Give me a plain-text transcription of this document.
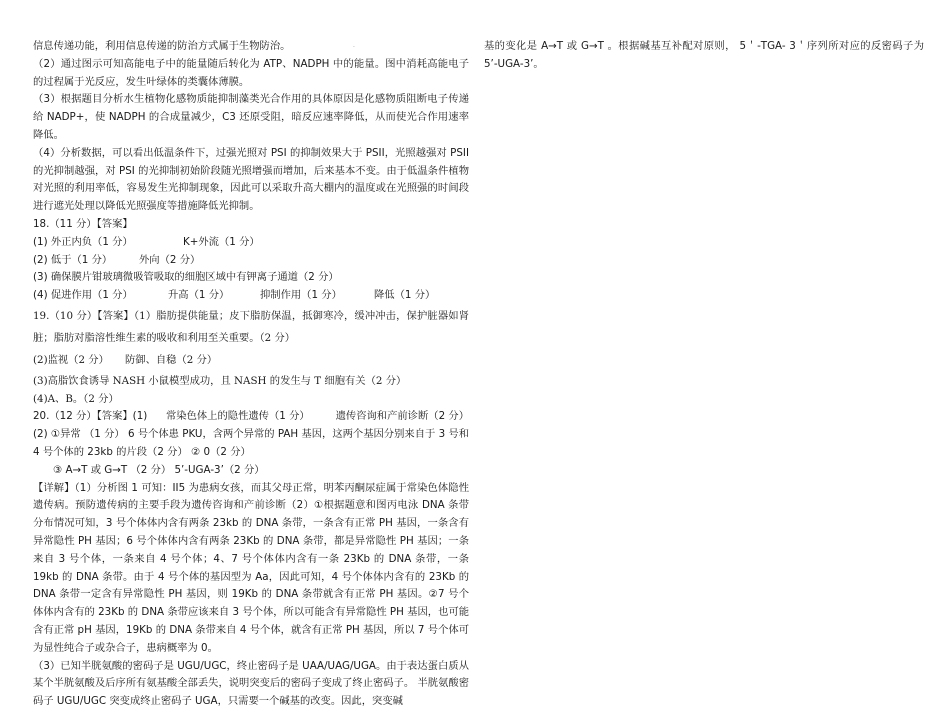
.

信息传递功能，利用信息传递的防治方式属于生物防治。

（2）通过图示可知高能电子中的能量随后转化为 ATP、NADPH 中的能量。图中消耗高能电子的过程属于光反应，发生叶绿体的类囊体薄膜。

（3）根据题目分析水生植物化感物质能抑制藻类光合作用的具体原因是化感物质阻断电子传递给 NADP+，使 NADPH 的合成量减少，C3 还原受阻，暗反应速率降低，从而使光合作用速率降低。

（4）分析数据，可以看出低温条件下，过强光照对 PSI 的抑制效果大于 PSII，光照越强对 PSII 的光抑制越强，对 PSI 的光抑制初始阶段随光照增强而增加，后来基本不变。由于低温条件植物对光照的利用率低，容易发生光抑制现象，因此可以采取升高大棚内的温度或在光照强的时间段进行遮光处理以降低光照强度等措施降低光抑制。

18.（11 分）【答案】

(1) 外正内负（1 分）	K+外流（1 分）
(2) 低于（1 分）	外向（2 分）

(3) 确保膜片钳玻璃微吸管吸取的细胞区域中有钾离子通道（2 分）

(4) 促进作用（1 分）	升高（1 分）	抑制作用（1 分）	降低（1 分）

19.（10 分）【答案】（1）脂肪提供能量；皮下脂肪保温，抵御寒冷，缓冲冲击，保护脏器如肾脏；脂肪对脂溶性维生素的吸收和利用至关重要。（2 分）

(2)监视（2 分）	防御、自稳（2 分）

(3)高脂饮食诱导 NASH 小鼠模型成功，且 NASH 的发生与 T 细胞有关（2 分）

(4)A、B。（2 分）

20.（12 分）【答案】(1)	常染色体上的隐性遗传（1 分）	遗传咨询和产前诊断（2 分）

(2) ①异常 （1 分） 6 号个体患 PKU，含两个异常的 PAH 基因，这两个基因分别来自于 3 号和 4 号个体的 23kb 的片段（2 分） ② 0（2 分）

③ A→T 或 G→T （2 分） 5’-UGA-3’（2 分）

【详解】（1）分析图 1 可知：II5 为患病女孩，而其父母正常，明苯丙酮尿症属于常染色体隐性遗传病。预防遗传病的主要手段为遗传咨询和产前诊断（2）①根据题意和图丙电泳 DNA 条带分布情况可知，3 号个体体内含有两条 23kb 的 DNA 条带，一条含有正常 PH 基因，一条含有异常隐性 PH 基因；6 号个体体内含有两条 23Kb 的 DNA 条带，都是异常隐性 PH 基因；一条来自 3 号个体，一条来自 4 号个体；4、7 号个体体内含有一条 23Kb 的 DNA 条带，一条 19kb 的 DNA 条带。由于 4 号个体的基因型为 Aa，因此可知，4 号个体体内含有的 23Kb 的 DNA 条带一定含有异常隐性 PH 基因，则 19Kb 的 DNA 条带就含有正常 PH 基因。②7 号个体体内含有的 23Kb 的 DNA 条带应该来自 3 号个体，所以可能含有异常隐性 PH 基因，也可能含有正常 pH 基因，19Kb 的 DNA 条带来自 4 号个体，就含有正常 PH 基因，所以 7 号个体可为显性纯合子或杂合子，患病概率为 0。

（3）已知半胱氨酸的密码子是 UGU/UGC，终止密码子是 UAA/UAG/UGA。由于表达蛋白质从某个半胱氨酸及后序所有氨基酸全部丢失，说明突变后的密码子变成了终止密码子。 半胱氨酸密码子 UGU/UGC 突变成终止密码子 UGA，只需要一个碱基的改变。因此，突变碱

基的变化是 A→T 或 G→T 。根据碱基互补配对原则， 5＇-TGA- 3＇序列所对应的反密码子为 5’-UGA-3’。
